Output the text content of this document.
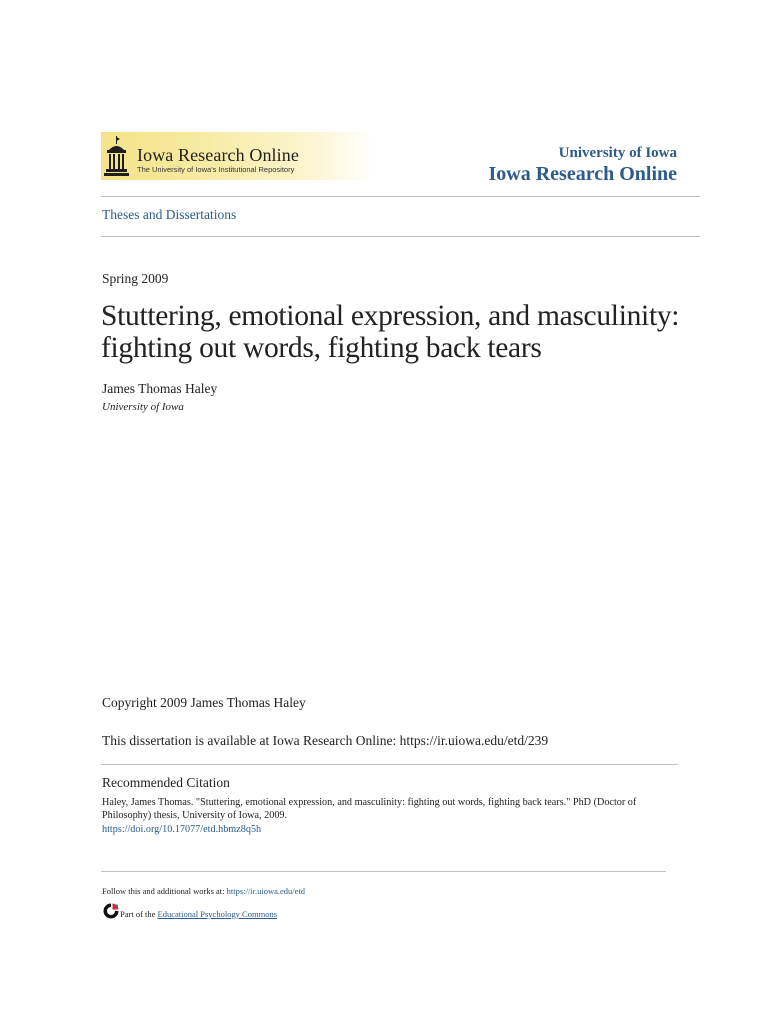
Iowa Research Online
The University of Iowa's Institutional Repository
University of Iowa
Iowa Research Online
Theses and Dissertations
Spring 2009
Stuttering, emotional expression, and masculinity: fighting out words, fighting back tears
James Thomas Haley
University of Iowa
Copyright 2009 James Thomas Haley
This dissertation is available at Iowa Research Online: https://ir.uiowa.edu/etd/239
Recommended Citation
Haley, James Thomas. "Stuttering, emotional expression, and masculinity: fighting out words, fighting back tears." PhD (Doctor of Philosophy) thesis, University of Iowa, 2009.
https://doi.org/10.17077/etd.hbmz8q5h
Follow this and additional works at: https://ir.uiowa.edu/etd
Part of the Educational Psychology Commons
